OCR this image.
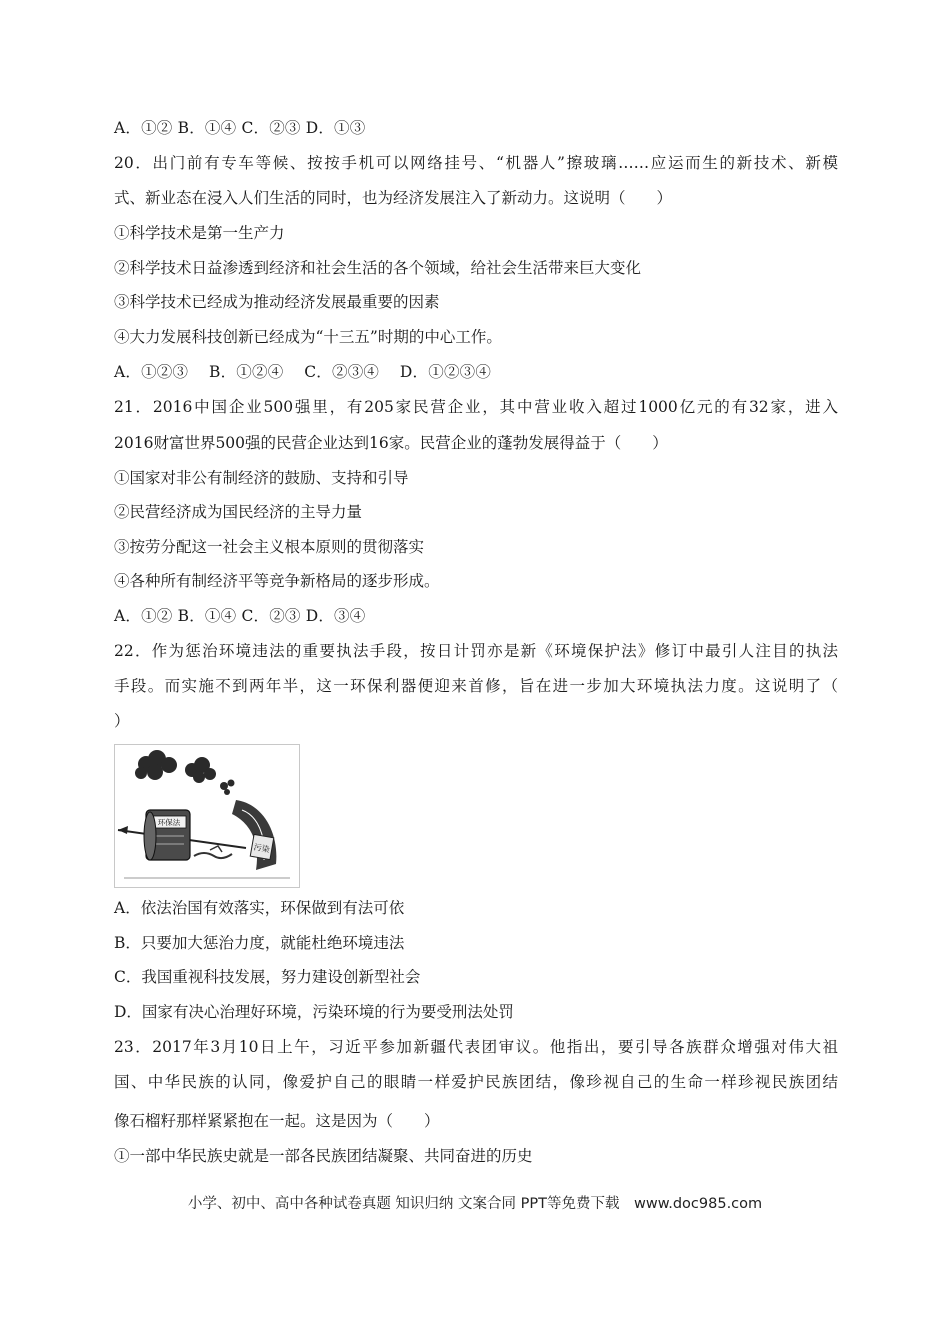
A．①② B．①④ C．②③ D．①③
20．出门前有专车等候、按按手机可以网络挂号、“机器人”擦玻璃……应运而生的新技术、新模
式、新业态在浸入人们生活的同时，也为经济发展注入了新动力。这说明（　　）
①科学技术是第一生产力
②科学技术日益渗透到经济和社会生活的各个领域，给社会生活带来巨大变化
③科学技术已经成为推动经济发展最重要的因素
④大力发展科技创新已经成为“十三五”时期的中心工作。
A．①②③　 B．①②④　 C．②③④　 D．①②③④
21．2016中国企业500强里，有205家民营企业，其中营业收入超过1000亿元的有32家，进入
2016财富世界500强的民营企业达到16家。民营企业的蓬勃发展得益于（　　）
①国家对非公有制经济的鼓励、支持和引导
②民营经济成为国民经济的主导力量
③按劳分配这一社会主义根本原则的贯彻落实
④各种所有制经济平等竞争新格局的逐步形成。
A．①② B．①④ C．②③ D．③④
22．作为惩治环境违法的重要执法手段，按日计罚亦是新《环境保护法》修订中最引人注目的执法
手段。而实施不到两年半，这一环保利器便迎来首修，旨在进一步加大环境执法力度。这说明了（
）
污染
环保法
A．依法治国有效落实，环保做到有法可依
B．只要加大惩治力度，就能杜绝环境违法
C．我国重视科技发展，努力建设创新型社会
D．国家有决心治理好环境，污染环境的行为要受刑法处罚
23．2017年3月10日上午，习近平参加新疆代表团审议。他指出，要引导各族群众增强对伟大祖
国、中华民族的认同，像爱护自己的眼睛一样爱护民族团结，像珍视自己的生命一样珍视民族团结
像石榴籽那样紧紧抱在一起。这是因为（　　）
①一部中华民族史就是一部各民族团结凝聚、共同奋进的历史
小学、初中、高中各种试卷真题 知识归纳 文案合同 PPT等免费下载　www.doc985.com
